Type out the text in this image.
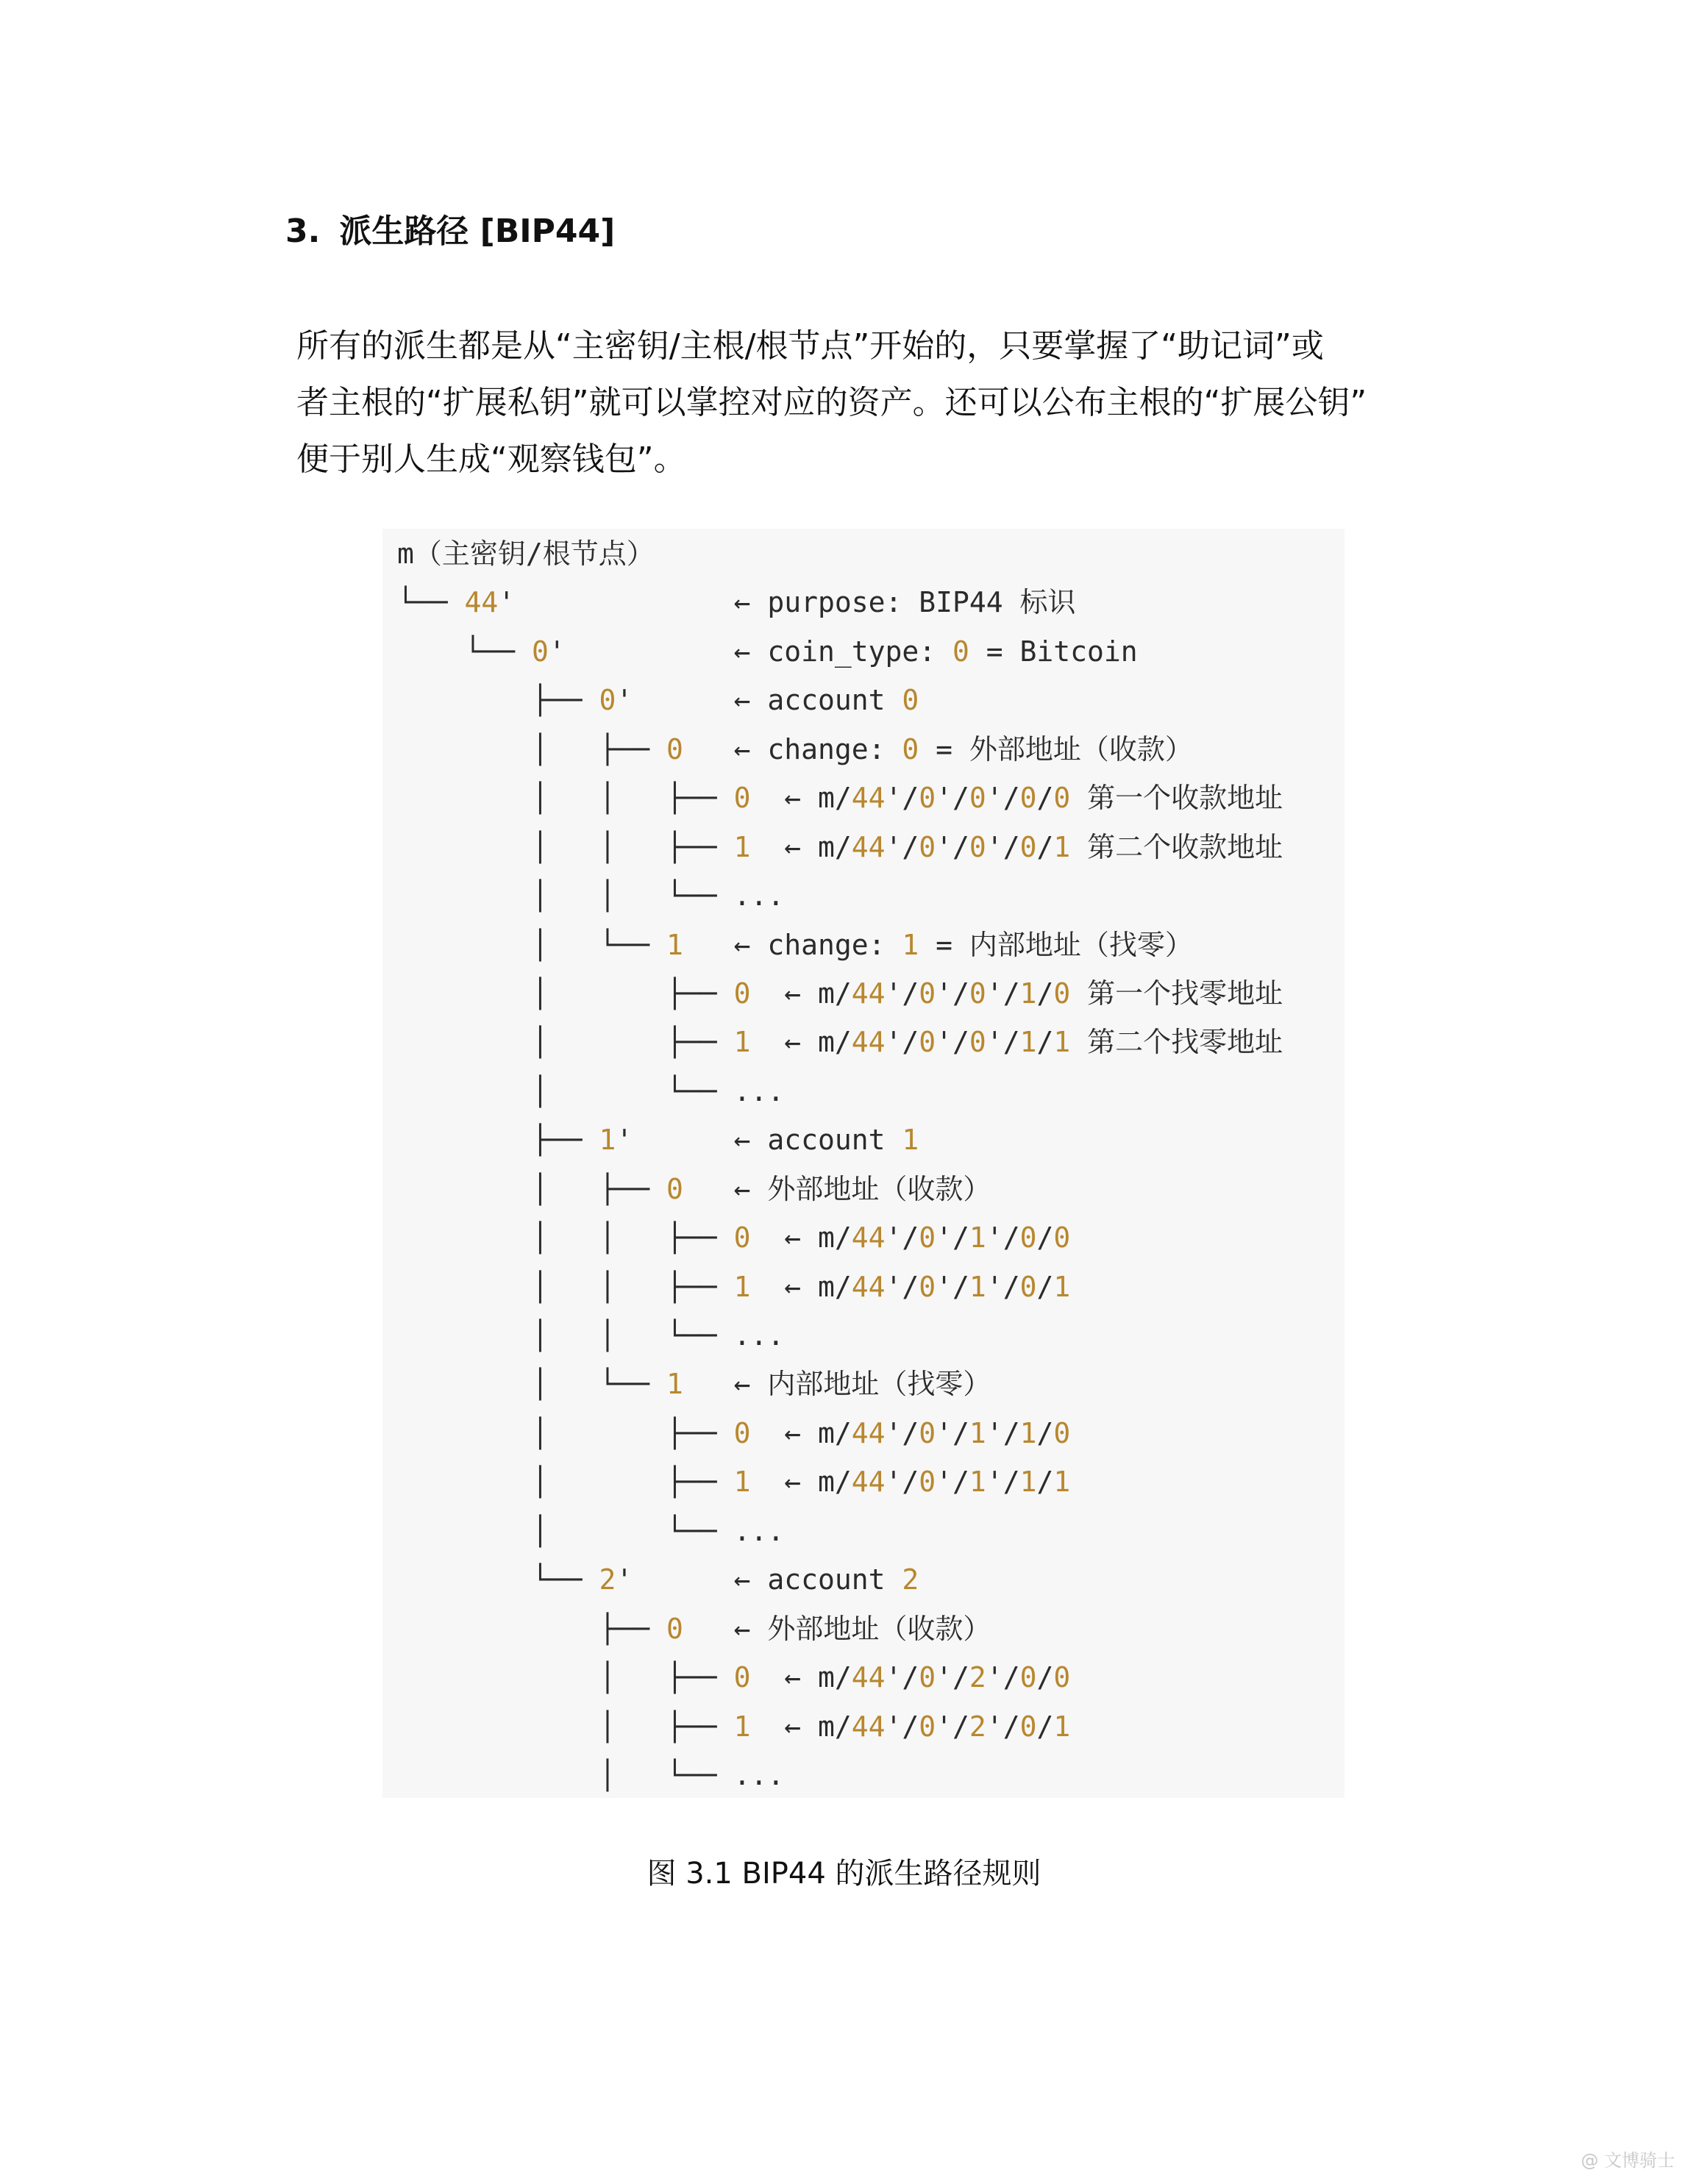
3. 派生路径 [BIP44]

所有的派生都是从“主密钥/主根/根节点”开始的，只要掌握了“助记词”或

者主根的“扩展私钥”就可以掌控对应的资产。还可以公布主根的“扩展公钥”

便于别人生成“观察钱包”。

m（主密钥/根节点）
└── 44'             ← purpose: BIP44 标识
└── 0'          ← coin_type: 0 = Bitcoin
├── 0'      ← account 0
│   ├── 0   ← change: 0 = 外部地址（收款）
│   │   ├── 0  ← m/44'/0'/0'/0/0 第一个收款地址
│   │   ├── 1  ← m/44'/0'/0'/0/1 第二个收款地址
│   │   └── ...
│   └── 1   ← change: 1 = 内部地址（找零）
│       ├── 0  ← m/44'/0'/0'/1/0 第一个找零地址
│       ├── 1  ← m/44'/0'/0'/1/1 第二个找零地址
│       └── ...
├── 1'      ← account 1
│   ├── 0   ← 外部地址（收款）
│   │   ├── 0  ← m/44'/0'/1'/0/0
│   │   ├── 1  ← m/44'/0'/1'/0/1
│   │   └── ...
│   └── 1   ← 内部地址（找零）
│       ├── 0  ← m/44'/0'/1'/1/0
│       ├── 1  ← m/44'/0'/1'/1/1
│       └── ...
└── 2'      ← account 2
├── 0   ← 外部地址（收款）
│   ├── 0  ← m/44'/0'/2'/0/0
│   ├── 1  ← m/44'/0'/2'/0/1
│   └── ...
图 3.1 BIP44 的派生路径规则
@ 文博骑士
